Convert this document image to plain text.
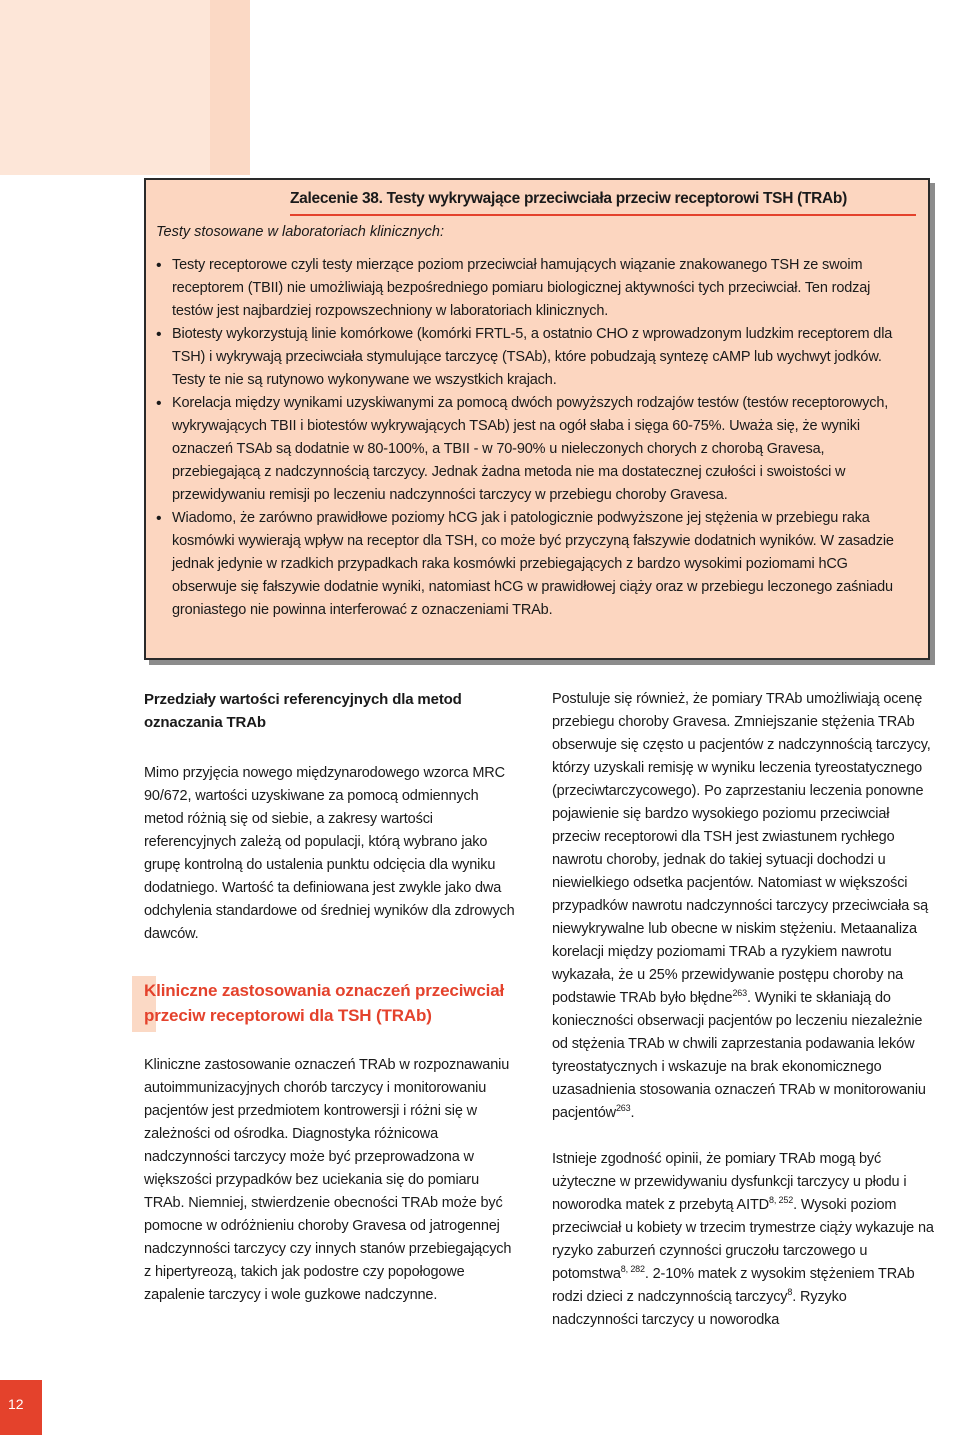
Zalecenie 38. Testy wykrywające przeciwciała przeciw receptorowi TSH (TRAb)
Testy stosowane w laboratoriach klinicznych:
• Testy receptorowe czyli testy mierzące poziom przeciwciał hamujących wiązanie znakowanego TSH ze swoim receptorem (TBII) nie umożliwiają bezpośredniego pomiaru biologicznej aktywności tych przeciwciał. Ten rodzaj testów jest najbardziej rozpowszechniony w laboratoriach klinicznych.
• Biotesty wykorzystują linie komórkowe (komórki FRTL-5, a ostatnio CHO z wprowadzonym ludzkim receptorem dla TSH) i wykrywają przeciwciała stymulujące tarczycę (TSAb), które pobudzają syntezę cAMP lub wychwyt jodków. Testy te nie są rutynowo wykonywane we wszystkich krajach.
• Korelacja między wynikami uzyskiwanymi za pomocą dwóch powyższych rodzajów testów (testów receptorowych, wykrywających TBII i biotestów wykrywających TSAb) jest na ogół słaba i sięga 60-75%. Uważa się, że wyniki oznaczeń TSAb są dodatnie w 80-100%, a TBII - w 70-90% u nieleczonych chorych z chorobą Gravesa, przebiegającą z nadczynnością tarczycy. Jednak żadna metoda nie ma dostatecznej czułości i swoistości w przewidywaniu remisji po leczeniu nadczynności tarczycy w przebiegu choroby Gravesa.
• Wiadomo, że zarówno prawidłowe poziomy hCG jak i patologicznie podwyższone jej stężenia w przebiegu raka kosmówki wywierają wpływ na receptor dla TSH, co może być przyczyną fałszywie dodatnich wyników. W zasadzie jednak jedynie w rzadkich przypadkach raka kosmówki przebiegających z bardzo wysokimi poziomami hCG obserwuje się fałszywie dodatnie wyniki, natomiast hCG w prawidłowej ciąży oraz w przebiegu leczonego zaśniadu groniastego nie powinna interferować z oznaczeniami TRAb.
Przedziały wartości referencyjnych dla metod oznaczania TRAb

Mimo przyjęcia nowego międzynarodowego wzorca MRC 90/672, wartości uzyskiwane za pomocą odmiennych metod różnią się od siebie, a zakresy wartości referencyjnych zależą od populacji, którą wybrano jako grupę kontrolną do ustalenia punktu odcięcia dla wyniku dodatniego. Wartość ta definiowana jest zwykle jako dwa odchylenia standardowe od średniej wyników dla zdrowych dawców.

Kliniczne zastosowania oznaczeń przeciwciał przeciw receptorowi dla TSH (TRAb)

Kliniczne zastosowanie oznaczeń TRAb w rozpoznawaniu autoimmunizacyjnych chorób tarczycy i monitorowaniu pacjentów jest przedmiotem kontrowersji i różni się w zależności od ośrodka. Diagnostyka różnicowa nadczynności tarczycy może być przeprowadzona w większości przypadków bez uciekania się do pomiaru TRAb. Niemniej, stwierdzenie obecności TRAb może być pomocne w odróżnieniu choroby Gravesa od jatrogennej nadczynności tarczycy czy innych stanów przebiegających z hipertyreozą, takich jak podostre czy popołogowe zapalenie tarczycy i wole guzkowe nadczynne.

Postuluje się również, że pomiary TRAb umożliwiają ocenę przebiegu choroby Gravesa. Zmniejszanie stężenia TRAb obserwuje się często u pacjentów z nadczynnością tarczycy, którzy uzyskali remisję w wyniku leczenia tyreostatycznego (przeciwtarczycowego). Po zaprzestaniu leczenia ponowne pojawienie się bardzo wysokiego poziomu przeciwciał przeciw receptorowi dla TSH jest zwiastunem rychłego nawrotu choroby, jednak do takiej sytuacji dochodzi u niewielkiego odsetka pacjentów. Natomiast w większości przypadków nawrotu nadczynności tarczycy przeciwciała są niewykrywalne lub obecne w niskim stężeniu. Metaanaliza korelacji między poziomami TRAb a ryzykiem nawrotu wykazała, że u 25% przewidywanie postępu choroby na podstawie TRAb było błędne$^{263}$. Wyniki te skłaniają do konieczności obserwacji pacjentów po leczeniu niezależnie od stężenia TRAb w chwili zaprzestania podawania leków tyreostatycznych i wskazuje na brak ekonomicznego uzasadnienia stosowania oznaczeń TRAb w monitorowaniu pacjentów$^{263}$.

Istnieje zgodność opinii, że pomiary TRAb mogą być użyteczne w przewidywaniu dysfunkcji tarczycy u płodu i noworodka matek z przebytą AITD$^{8, 252}$. Wysoki poziom przeciwciał u kobiety w trzecim trymestrze ciąży wykazuje na ryzyko zaburzeń czynności gruczołu tarczowego u potomstwa$^{8, 282}$. 2-10% matek z wysokim stężeniem TRAb rodzi dzieci z nadczynnością tarczycy$^8$. Ryzyko nadczynności tarczycy u noworodka

12
